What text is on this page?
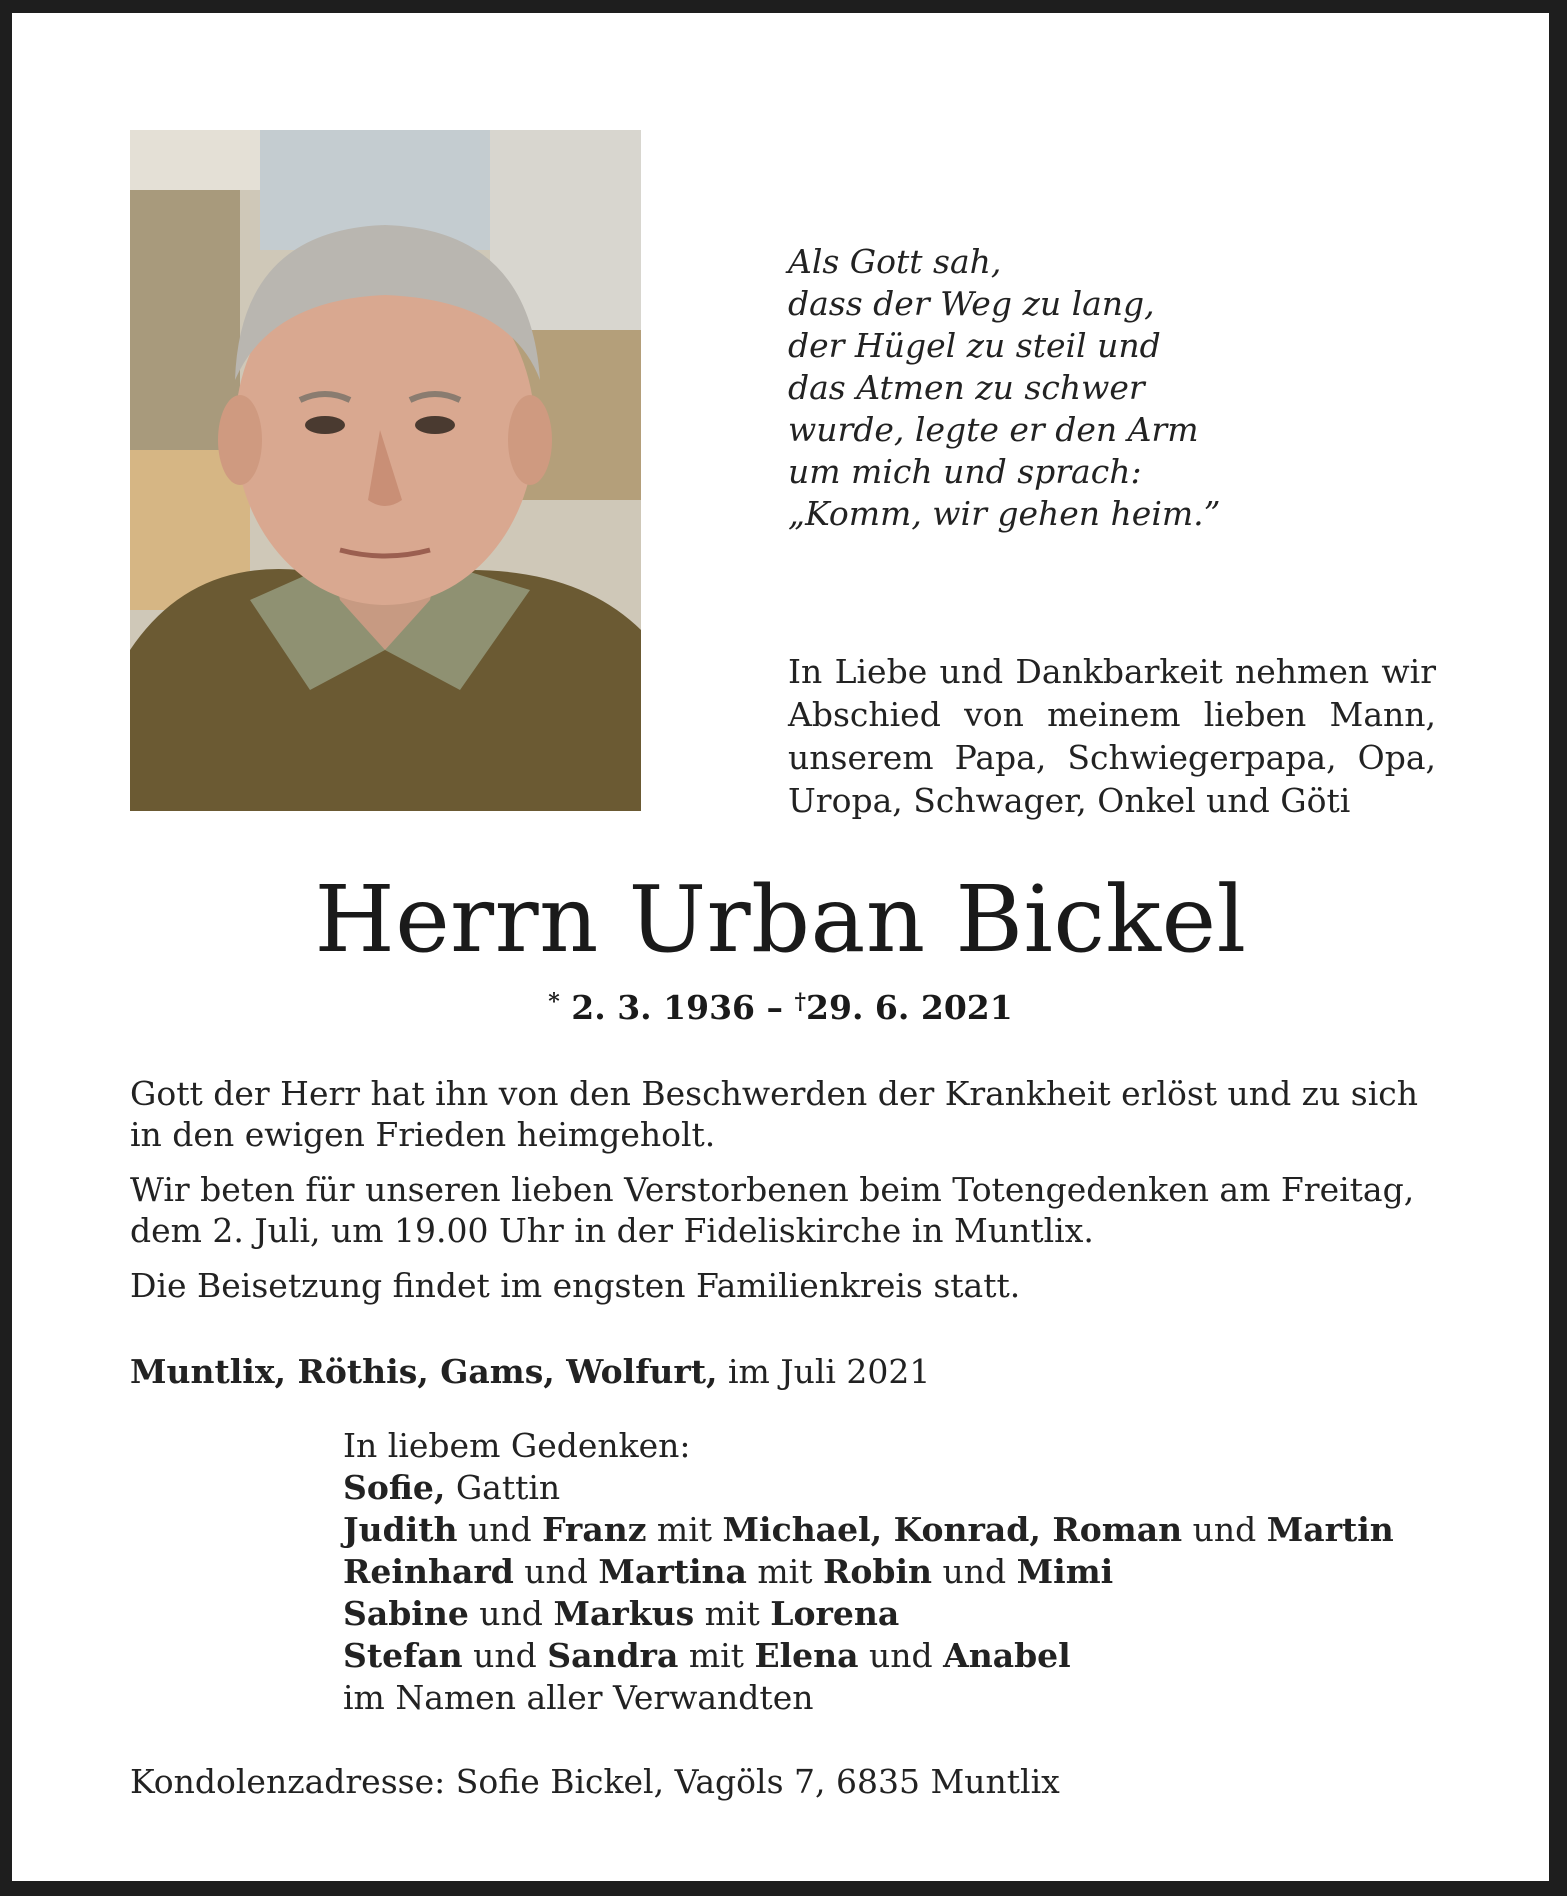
Als Gott sah,
dass der Weg zu lang,
der Hügel zu steil und
das Atmen zu schwer
wurde, legte er den Arm
um mich und sprach:
„Komm, wir gehen heim.”
In Liebe und Dankbarkeit nehmen wir Abschied von meinem lieben Mann, unserem Papa, Schwiegerpapa, Opa, Uropa, Schwager, Onkel und Göti
Herrn Urban Bickel
* 2. 3. 1936 – †29. 6. 2021

Gott der Herr hat ihn von den Beschwerden der Krankheit erlöst und zu sich in den ewigen Frieden heimgeholt.

Wir beten für unseren lieben Verstorbenen beim Totengedenken am Freitag, dem 2. Juli, um 19.00 Uhr in der Fideliskirche in Muntlix.

Die Beisetzung findet im engsten Familienkreis statt.

Muntlix, Röthis, Gams, Wolfurt, im Juli 2021
In liebem Gedenken:
Sofie, Gattin
Judith und Franz mit Michael, Konrad, Roman und Martin
Reinhard und Martina mit Robin und Mimi
Sabine und Markus mit Lorena
Stefan und Sandra mit Elena und Anabel
im Namen aller Verwandten
Kondolenzadresse: Sofie Bickel, Vagöls 7, 6835 Muntlix
